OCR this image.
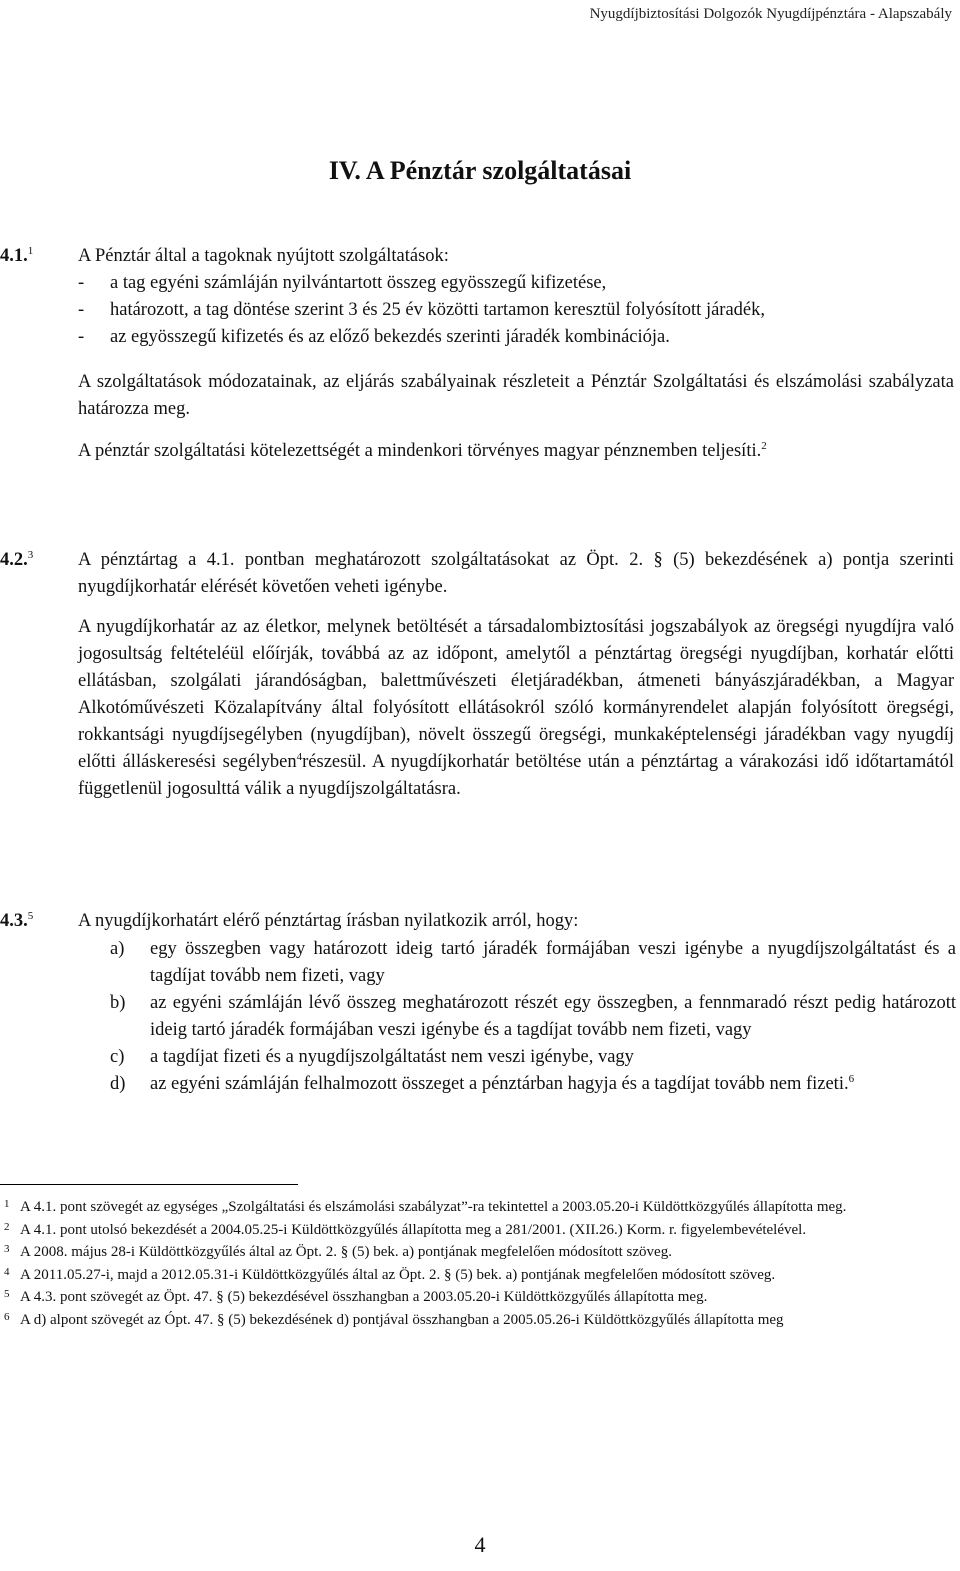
Nyugdíjbiztosítási Dolgozók Nyugdíjpénztára - Alapszabály
IV. A Pénztár szolgáltatásai
4.1.$^1$ A Pénztár által a tagoknak nyújtott szolgáltatások:
- a tag egyéni számláján nyilvántartott összeg egyösszegű kifizetése,
- határozott, a tag döntése szerint 3 és 25 év közötti tartamon keresztül folyósított járadék,
- az egyösszegű kifizetés és az előző bekezdés szerinti járadék kombinációja.
A szolgáltatások módozatainak, az eljárás szabályainak részleteit a Pénztár Szolgáltatási és elszámolási szabályzata határozza meg.
A pénztár szolgáltatási kötelezettségét a mindenkori törvényes magyar pénznemben teljesíti.$^2$
4.2.$^3$ A pénztártag a 4.1. pontban meghatározott szolgáltatásokat az Öpt. 2. § (5) bekezdésének a) pontja szerinti nyugdíjkorhatár elérését követően veheti igénybe.
A nyugdíjkorhatár az az életkor, melynek betöltését a társadalombiztosítási jogszabályok az öregségi nyugdíjra való jogosultság feltételéül előírják, továbbá az az időpont, amelytől a pénztártag öregségi nyugdíjban, korhatár előtti ellátásban, szolgálati járandóságban, balettművészeti életjáradékban, átmeneti bányászjáradékban, a Magyar Alkotóművészeti Közalapítvány által folyósított ellátásokról szóló kormányrendelet alapján folyósított öregségi, rokkantsági nyugdíjsegélyben (nyugdíjban), növelt összegű öregségi, munkaképtelenségi járadékban vagy nyugdíj előtti álláskeresési segélyben$^4$részesül. A nyugdíjkorhatár betöltése után a pénztártag a várakozási idő időtartamától függetlenül jogosulttá válik a nyugdíjszolgáltatásra.
4.3.$^5$ A nyugdíjkorhatárt elérő pénztártag írásban nyilatkozik arról, hogy:
a) egy összegben vagy határozott ideig tartó járadék formájában veszi igénybe a nyugdíjszolgáltatást és a tagdíjat tovább nem fizeti, vagy
b) az egyéni számláján lévő összeg meghatározott részét egy összegben, a fennmaradó részt pedig határozott ideig tartó járadék formájában veszi igénybe és a tagdíjat tovább nem fizeti, vagy
c) a tagdíjat fizeti és a nyugdíjszolgáltatást nem veszi igénybe, vagy
d) az egyéni számláján felhalmozott összeget a pénztárban hagyja és a tagdíjat tovább nem fizeti.$^6$
1 A 4.1. pont szövegét az egységes „Szolgáltatási és elszámolási szabályzat”-ra tekintettel a 2003.05.20-i Küldöttközgyűlés állapította meg.
2 A 4.1. pont utolsó bekezdését a 2004.05.25-i Küldöttközgyűlés állapította meg a 281/2001. (XII.26.) Korm. r. figyelembevételével.
3 A 2008. május 28-i Küldöttközgyűlés által az Öpt. 2. § (5) bek. a) pontjának megfelelően módosított szöveg.
4 A 2011.05.27-i, majd a 2012.05.31-i Küldöttközgyűlés által az Öpt. 2. § (5) bek. a) pontjának megfelelően módosított szöveg.
5 A 4.3. pont szövegét az Öpt. 47. § (5) bekezdésével összhangban a 2003.05.20-i Küldöttközgyűlés állapította meg.
6 A d) alpont szövegét az Ópt. 47. § (5) bekezdésének d) pontjával összhangban a 2005.05.26-i Küldöttközgyűlés állapította meg
4
